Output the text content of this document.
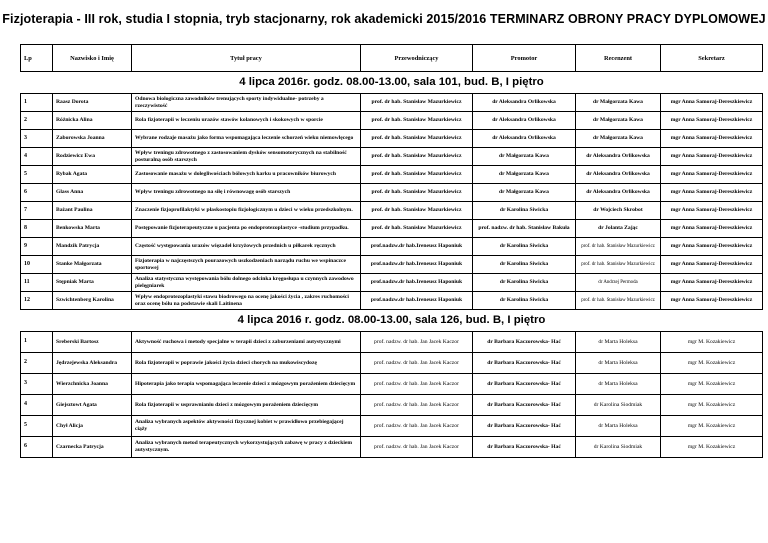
Fizjoterapia - III rok, studia I stopnia, tryb stacjonarny, rok akademicki 2015/2016 TERMINARZ OBRONY PRACY DYPLOMOWEJ
Lp	Nazwisko i Imię	Tytuł pracy	Przewodniczący	Promotor	Recenzent	Sekretarz
4 lipca 2016r. godz. 08.00-13.00, sala 101, bud. B, I piętro						
1	Raasz Dorota	Odnowa biologiczna zawodników trenujących sporty indywidualne- potrzeby a rzeczywistość	prof. dr hab. Stanisław Mazurkiewicz	dr Aleksandra Orlikowska	dr Małgorzata Kawa	mgr Anna Samoraj-Dereszkiewicz
2	Różnicka Alina	Rola fizjoterapii w leczeniu urazów stawów kolanowych i skokowych w sporcie	prof. dr hab. Stanisław Mazurkiewicz	dr Aleksandra Orlikowska	dr Małgorzata Kawa	mgr Anna Samoraj-Dereszkiewicz
3	Zaborowska Joanna	Wybrane rodzaje masażu jako forma wspomagająca leczenie schorzeń wieku niemowlęcego	prof. dr hab. Stanisław Mazurkiewicz	dr Aleksandra Orlikowska	dr Małgorzata Kawa	mgr Anna Samoraj-Dereszkiewicz
4	Rodziewicz Ewa	Wpływ treningu zdrowotnego z zastosowaniem dysków sensomotorycznych na stabilność posturalną osób starszych	prof. dr hab. Stanisław Mazurkiewicz	dr Małgorzata Kawa	dr Aleksandra Orlikowska	mgr Anna Samoraj-Dereszkiewicz
5	Rybak Agata	Zastosowanie masażu w dolegliwościach bólowych karku u pracowników biurowych	prof. dr hab. Stanisław Mazurkiewicz	dr Małgorzata Kawa	dr Aleksandra Orlikowska	mgr Anna Samoraj-Dereszkiewicz
6	Glass Anna	Wpływ treningu zdrowotnego na siłę i równowagę osób starszych	prof. dr hab. Stanisław Mazurkiewicz	dr Małgorzata Kawa	dr Aleksandra Orlikowska	mgr Anna Samoraj-Dereszkiewicz
7	Bażant Paulina	Znaczenie fizjoprofilaktyki w płaskostopiu fizjologicznym u dzieci w wieku przedszkolnym.	prof. dr hab. Stanisław Mazurkiewicz	dr Karolina Siwicka	dr Wojciech Skrobot	mgr Anna Samoraj-Dereszkiewicz
8	Benkowska Marta	Postępowanie fizjoterapeutyczne u pacjenta po endoprotezoplastyce -studium przypadku.	prof. dr hab. Stanisław Mazurkiewicz	prof. nadzw. dr hab. Stanisław Bakuła	dr Jolanta Zając	mgr Anna Samoraj-Dereszkiewicz
9	Mandzik Patrycja	Częstość występowania urazów więzadeł krzyżowych przednich u piłkarek ręcznych	prof.nadzw.dr hab.Ireneusz Haponiuk	dr Karolina Siwicka	prof. dr hab. Stanisław Mazurkiewicz	mgr Anna Samoraj-Dereszkiewicz
10	Stanke Małgorzata	Fizjoterapia w najczęstszych pourazowych uszkodzeniach narządu ruchu we wspinaczce sportowej	prof.nadzw.dr hab.Ireneusz Haponiuk	dr Karolina Siwicka	prof. dr hab. Stanisław Mazurkiewicz	mgr Anna Samoraj-Dereszkiewicz
11	Stępniak Marta	Analiza statystyczna występowania bólu dolnego odcinka kręgosłupa u czynnych zawodowo pielęgniarek	prof.nadzw.dr hab.Ireneusz Haponiuk	dr Karolina Siwicka	dr Andrzej Permoda	mgr Anna Samoraj-Dereszkiewicz
12	Szwichtenberg Karolina	Wpływ endoprotezoplastyki stawu biodrowego na ocenę jakości życia , zakres ruchomości oraz ocenę bólu na podstawie skali Laitinena	prof.nadzw.dr hab.Ireneusz Haponiuk	dr Karolina Siwicka	prof. dr hab. Stanisław Mazurkiewicz	mgr Anna Samoraj-Dereszkiewicz
4 lipca 2016 r. godz. 08.00-13.00, sala 126, bud. B, I piętro						
1	Sreberski Bartosz	Aktywność ruchowa i metody specjalne w terapii dzieci z zaburzeniami autystycznymi	prof. nadzw. dr hab. Jan Jacek Kaczor	dr Barbara Kaczorowska- Hać	dr Marta Holeksa	mgr M. Kozakiewicz
2	Jędrzejewska Aleksandra	Rola fizjoterapii w poprawie jakości życia dzieci chorych na mukowiscydozę	prof. nadzw. dr hab. Jan Jacek Kaczor	dr Barbara Kaczorowska- Hać	dr Marta Holeksa	mgr M. Kozakiewicz
3	Wierzchnicka Joanna	Hipoterapia jako terapia wspomagająca leczenie dzieci z mózgowym porażeniem dziecięcym	prof. nadzw. dr hab. Jan Jacek Kaczor	dr Barbara Kaczorowska- Hać	dr Marta Holeksa	mgr M. Kozakiewicz
4	Giejsztowt Agata	Rola fizjoterapii w usprawnianiu dzieci z mózgowym porażeniem dziecięcym	prof. nadzw. dr hab. Jan Jacek Kaczor	dr Barbara Kaczorowska- Hać	dr Karolina Siodmiak	mgr M. Kozakiewicz
5	Chył Alicja	Analiza wybranych aspektów aktywności fizycznej kobiet w prawidłowo przebiegającej ciąży	prof. nadzw. dr hab. Jan Jacek Kaczor	dr Barbara Kaczorowska- Hać	dr Marta Holeksa	mgr M. Kozakiewicz
6	Czarnecka Patrycja	Analiza wybranych metod terapeutycznych wykorzystujących zabawę w pracy z dzieckiem autystycznym.	prof. nadzw. dr hab. Jan Jacek Kaczor	dr Barbara Kaczorowska- Hać	dr Karolina Siodmiak	mgr M. Kozakiewicz
